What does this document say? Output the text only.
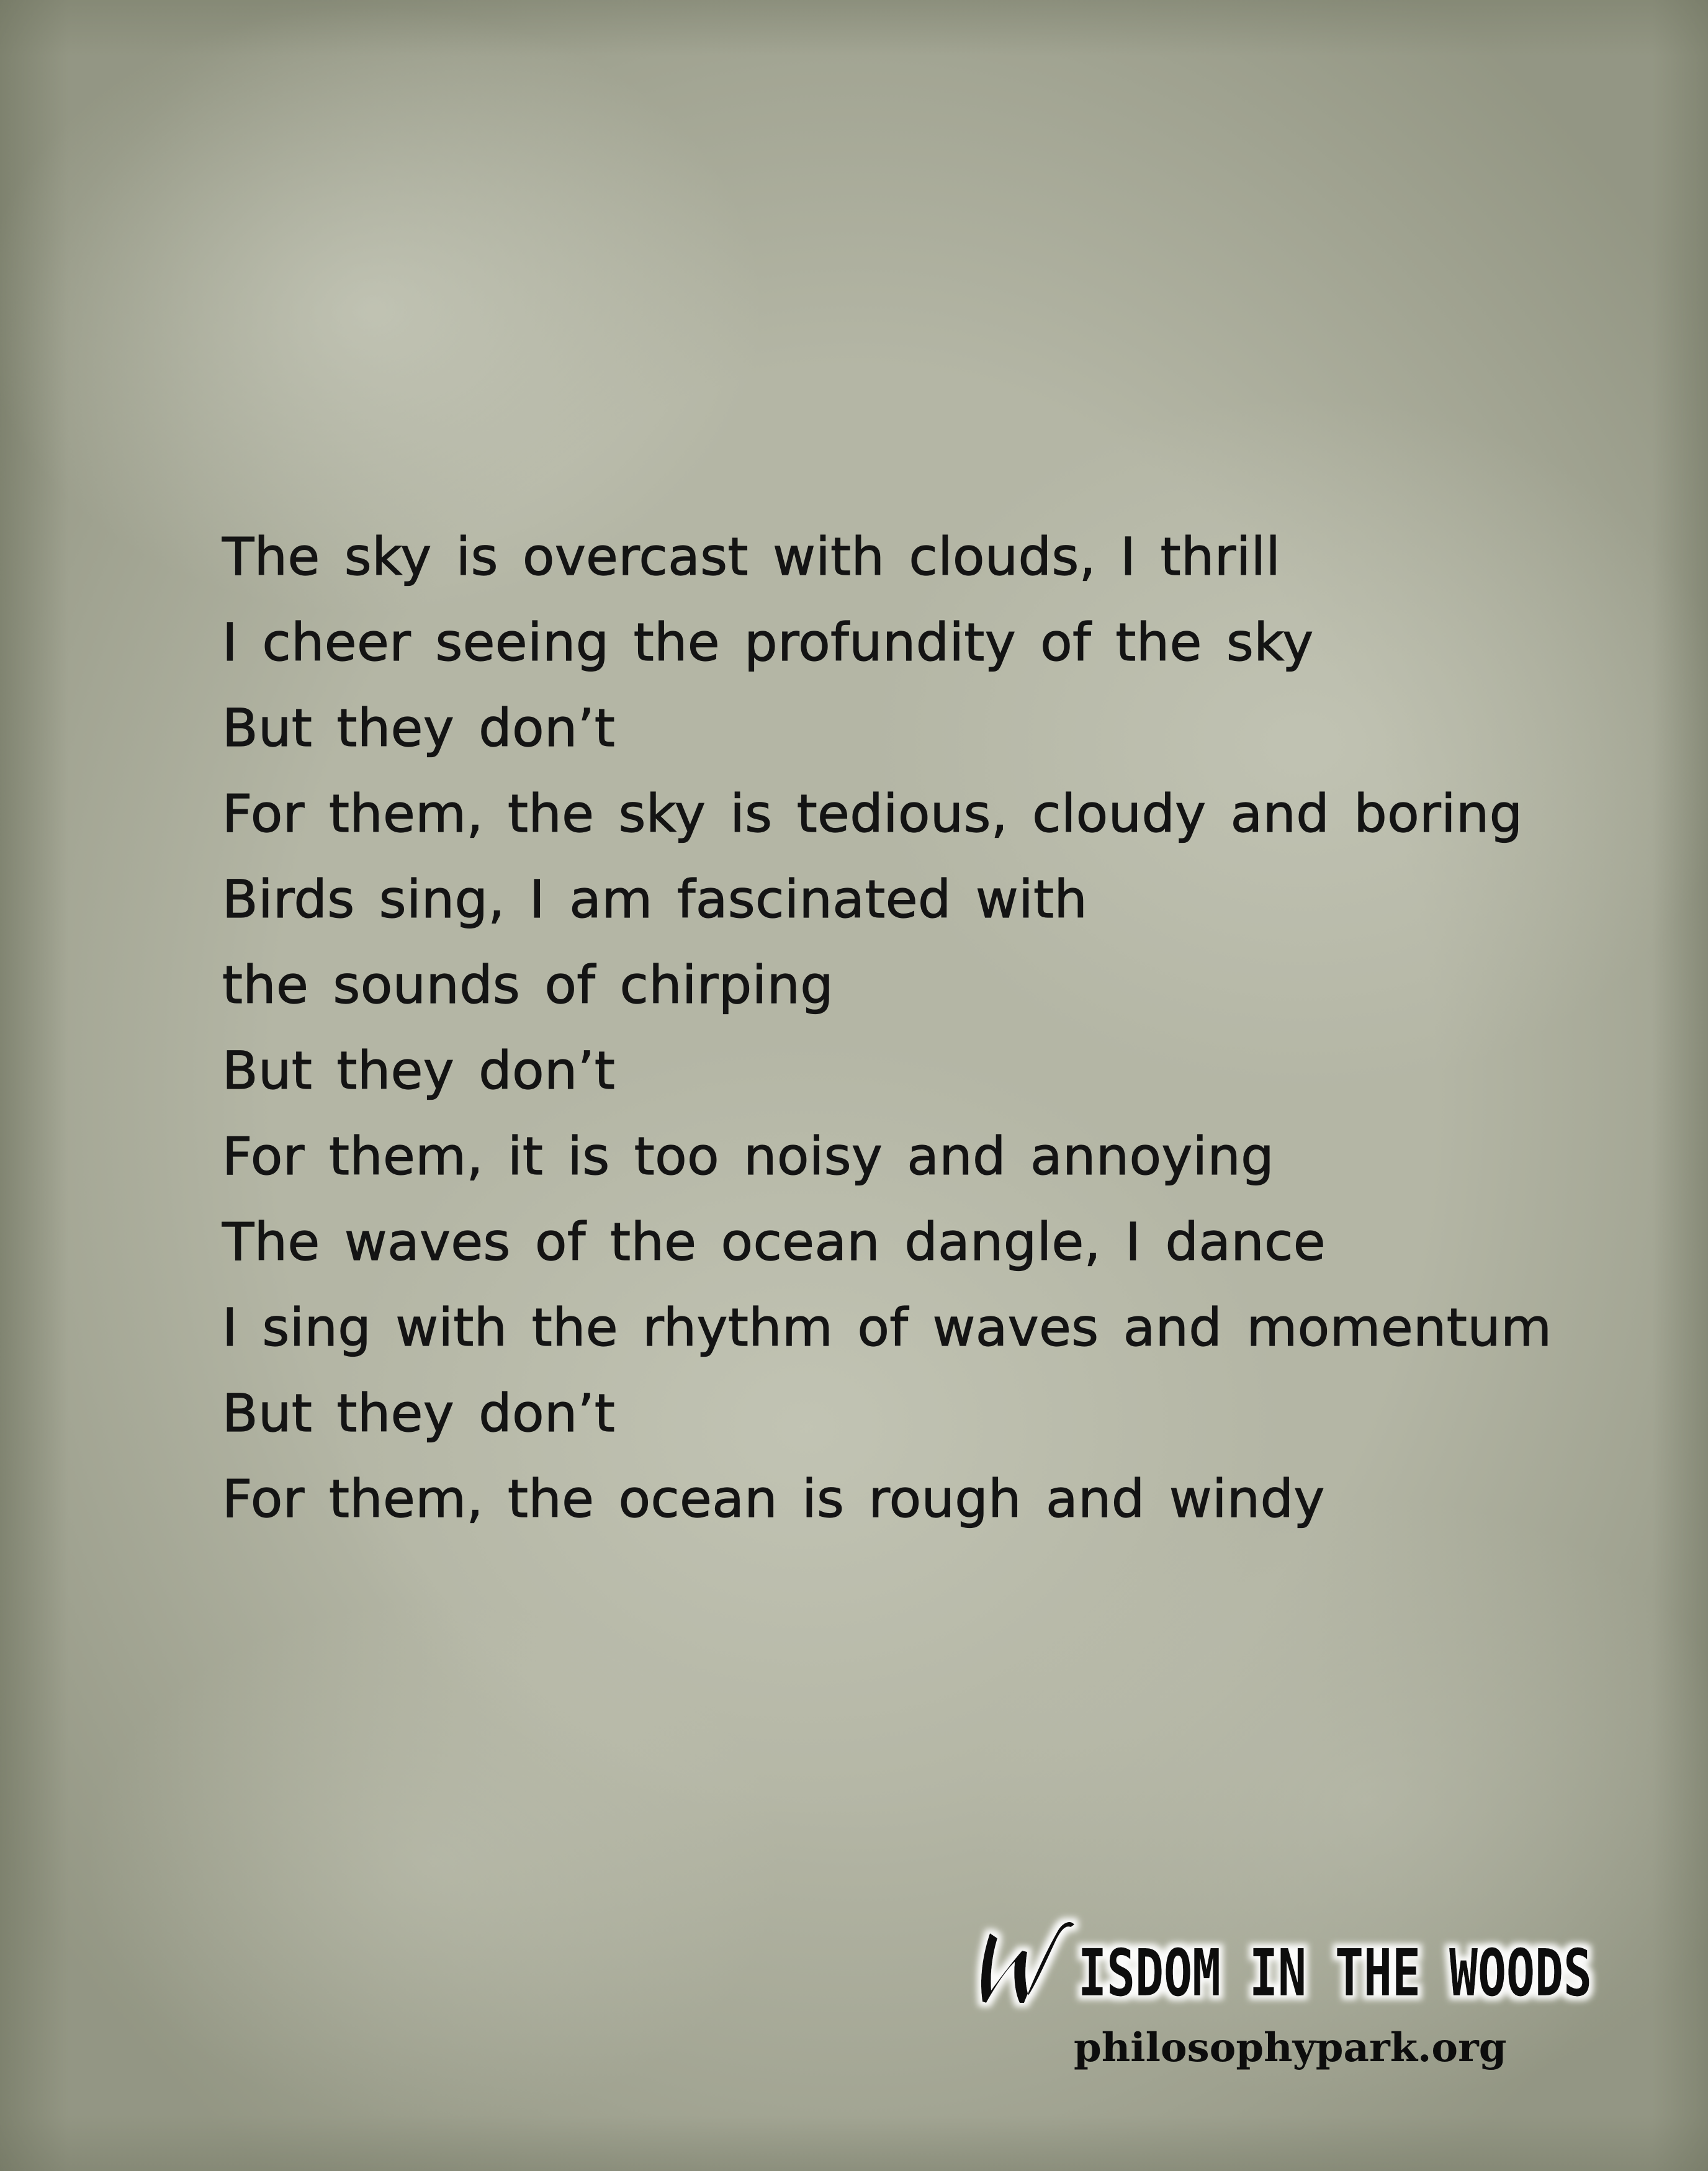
The sky is overcast with clouds, I thrill
I cheer seeing the profundity of the sky
But they don’t
For them, the sky is tedious, cloudy and boring
Birds sing, I am fascinated with
the sounds of chirping
But they don’t
For them, it is too noisy and annoying
The waves of the ocean dangle, I dance
I sing with the rhythm of waves and momentum
But they don’t
For them, the ocean is rough and windy
ISDOM IN THE WOODS
philosophypark.org
